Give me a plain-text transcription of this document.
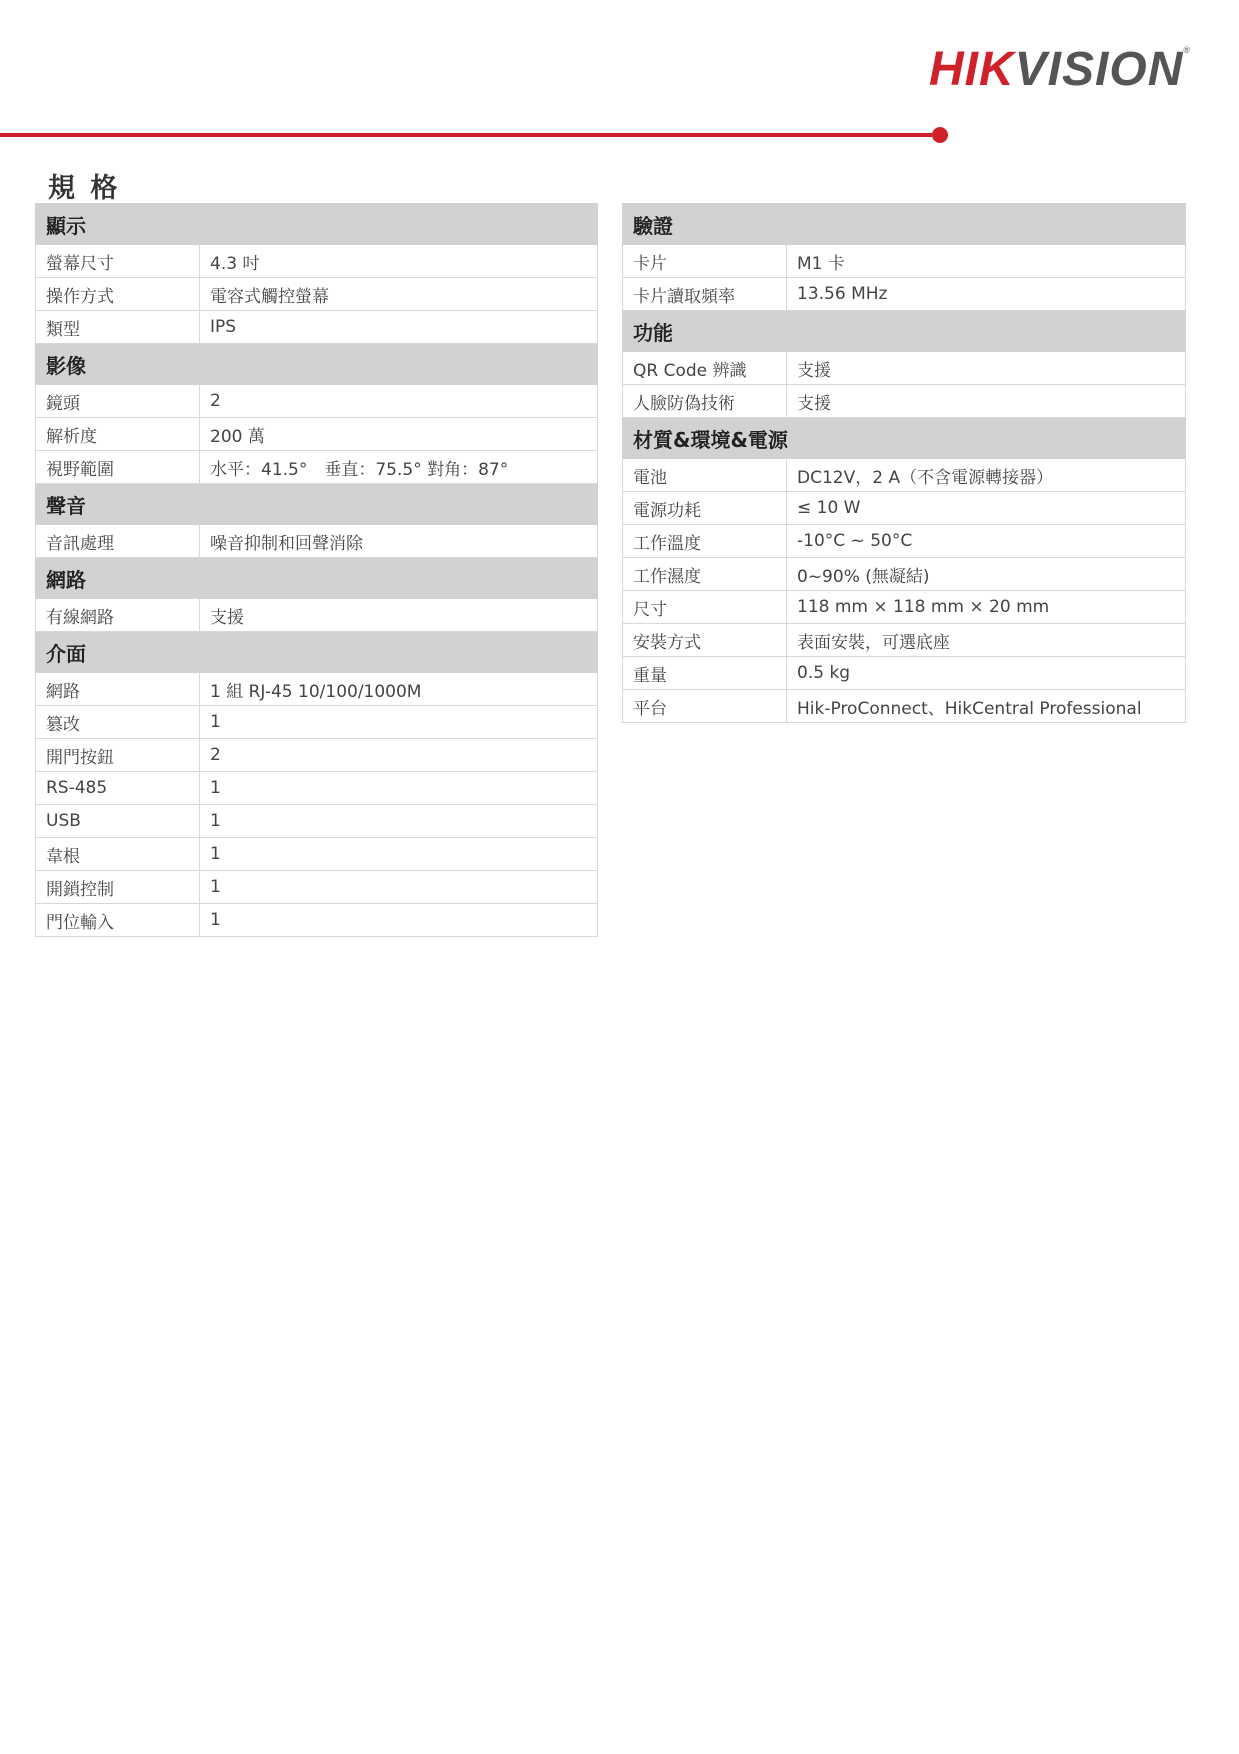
HIKVISION®
規 格
顯示	
螢幕尺寸	4.3 吋
操作方式	電容式觸控螢幕
類型	IPS
影像	
鏡頭	2
解析度	200 萬
視野範圍	水平：41.5°　垂直：75.5° 對角：87°
聲音	
音訊處理	噪音抑制和回聲消除
網路	
有線網路	支援
介面	
網路	1 組 RJ-45 10/100/1000M
篡改	1
開門按鈕	2
RS-485	1
USB	1
韋根	1
開鎖控制	1
門位輸入	1
驗證	
卡片	M1 卡
卡片讀取頻率	13.56 MHz
功能	
QR Code 辨識	支援
人臉防偽技術	支援
材質&環境&電源	
電池	DC12V，2 A（不含電源轉接器）
電源功耗	≤ 10 W
工作溫度	-10°C ~ 50°C
工作濕度	0~90% (無凝結)
尺寸	118 mm × 118 mm × 20 mm
安裝方式	表面安裝，可選底座
重量	0.5 kg
平台	Hik-ProConnect、HikCentral Professional
